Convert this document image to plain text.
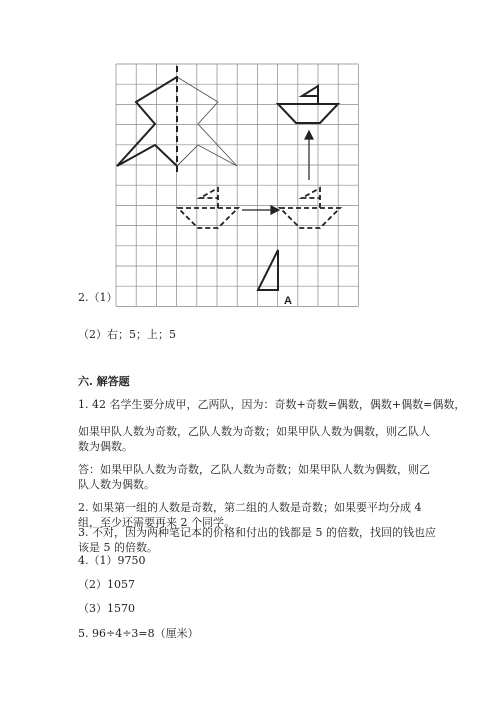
A
2.（1）
（2）右；5；上；5
六. 解答题
1. 42 名学生要分成甲，乙两队，因为：奇数+奇数=偶数，偶数+偶数=偶数，
如果甲队人数为奇数，乙队人数为奇数；如果甲队人数为偶数，则乙队人数为偶数。
答：如果甲队人数为奇数，乙队人数为奇数；如果甲队人数为偶数，则乙队人数为偶数。
2. 如果第一组的人数是奇数，第二组的人数是奇数；如果要平均分成 4 组，至少还需要再来 2 个同学。
3. 不对，因为两种笔记本的价格和付出的钱都是 5 的倍数，找回的钱也应该是 5 的倍数。
4.（1）9750
（2）1057
（3）1570
5. 96÷4÷3=8（厘米）
